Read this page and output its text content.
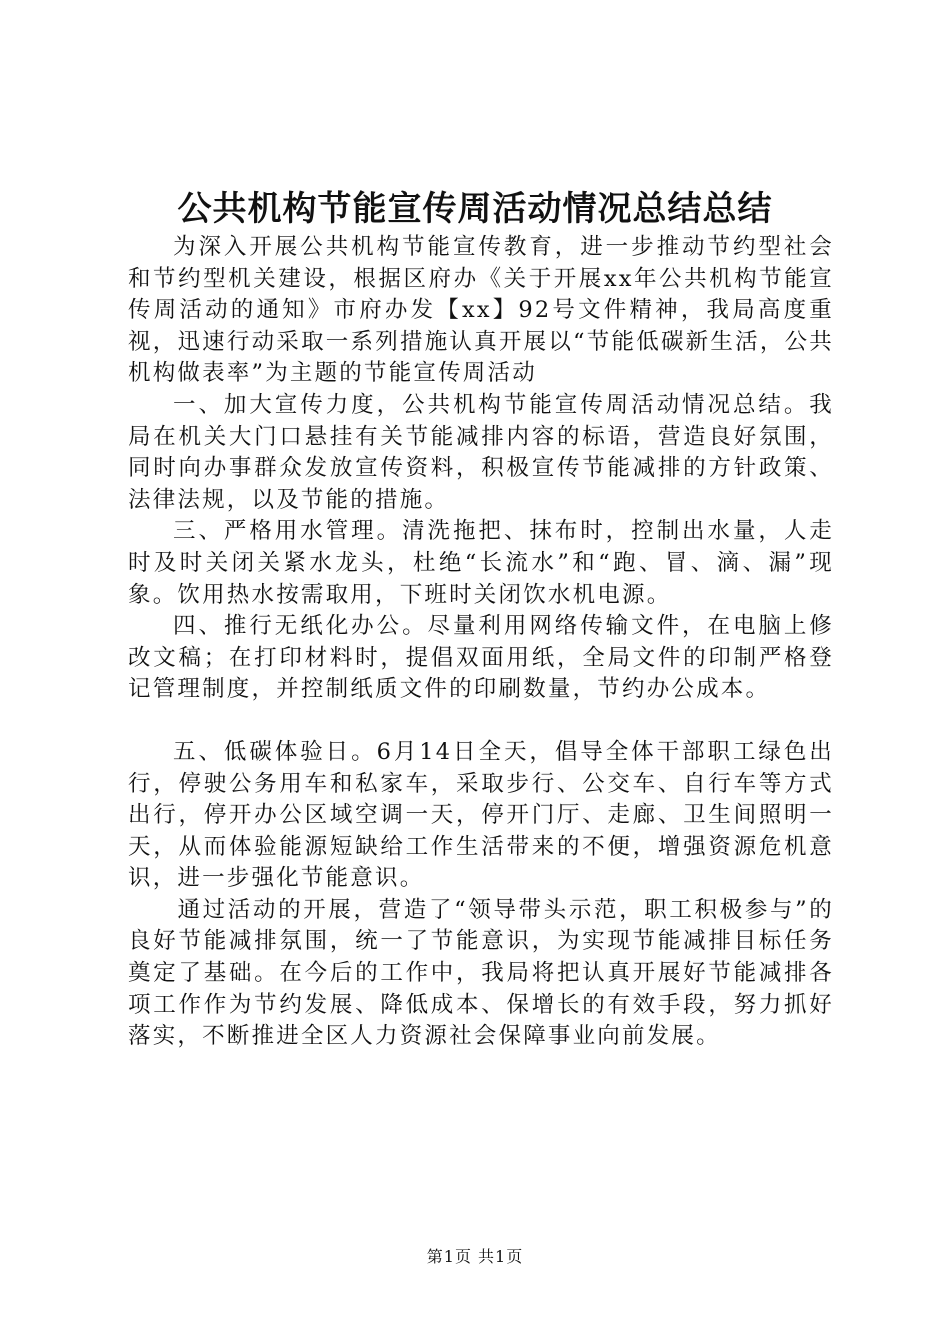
公共机构节能宣传周活动情况总结总结

为深入开展公共机构节能宣传教育，进一步推动节约型社会和节约型机关建设，根据区府办《关于开展xx年公共机构节能宣传周活动的通知》市府办发【xx】92号文件精神，我局高度重视，迅速行动采取一系列措施认真开展以“节能低碳新生活，公共机构做表率”为主题的节能宣传周活动

一、加大宣传力度，公共机构节能宣传周活动情况总结。我局在机关大门口悬挂有关节能减排内容的标语，营造良好氛围，同时向办事群众发放宣传资料，积极宣传节能减排的方针政策、法律法规，以及节能的措施。

三、严格用水管理。清洗拖把、抹布时，控制出水量，人走时及时关闭关紧水龙头，杜绝“长流水”和“跑、冒、滴、漏”现象。饮用热水按需取用，下班时关闭饮水机电源。

四、推行无纸化办公。尽量利用网络传输文件，在电脑上修改文稿；在打印材料时，提倡双面用纸，全局文件的印制严格登记管理制度，并控制纸质文件的印刷数量，节约办公成本。

五、低碳体验日。6月14日全天，倡导全体干部职工绿色出行，停驶公务用车和私家车，采取步行、公交车、自行车等方式出行，停开办公区域空调一天，停开门厅、走廊、卫生间照明一天，从而体验能源短缺给工作生活带来的不便，增强资源危机意识，进一步强化节能意识。

通过活动的开展，营造了“领导带头示范，职工积极参与”的良好节能减排氛围，统一了节能意识，为实现节能减排目标任务奠定了基础。在今后的工作中，我局将把认真开展好节能减排各项工作作为节约发展、降低成本、保增长的有效手段，努力抓好落实，不断推进全区人力资源社会保障事业向前发展。

第1页 共1页
